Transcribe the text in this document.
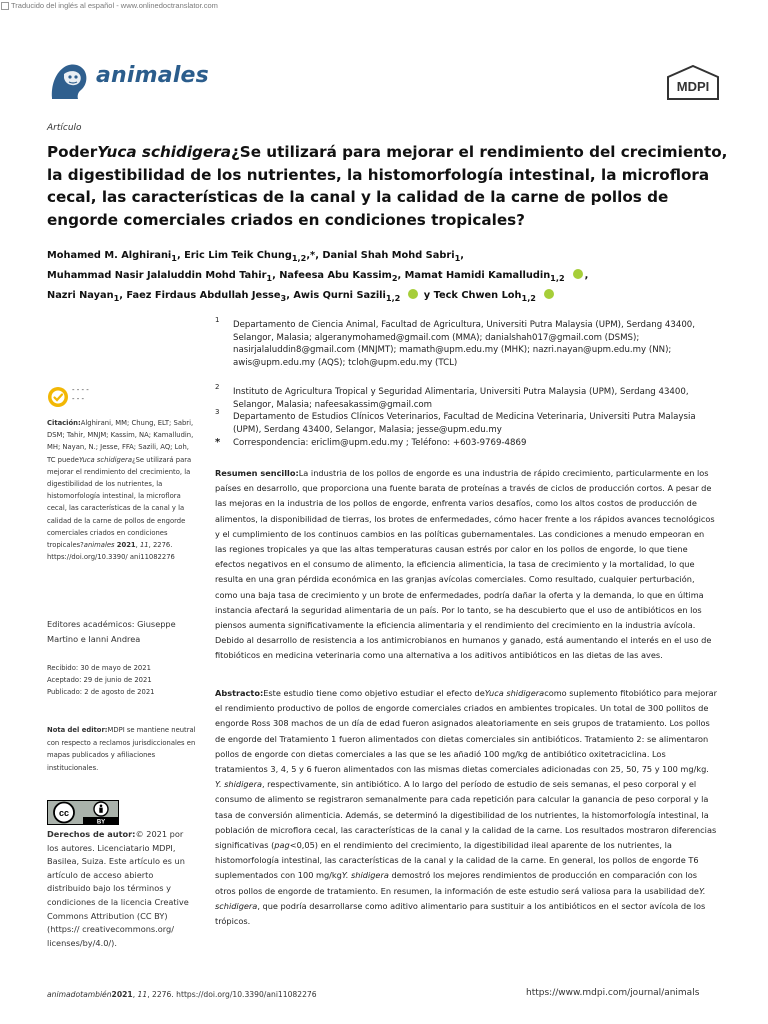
Traducido del inglés al español - www.onlinedoctranslator.com
animales	MDPI
Artículo
PoderYuca schidigera¿Se utilizará para mejorar el rendimiento del crecimiento, la digestibilidad de los nutrientes, la histomorfología intestinal, la microflora cecal, las características de la canal y la calidad de la carne de pollos de engorde comerciales criados en condiciones tropicales?
Mohamed M. Alghirani$_1$, Eric Lim Teik Chung$_{1,2}$,*, Danial Shah Mohd Sabri$_1$,
Muhammad Nasir Jalaluddin Mohd Tahir$_1$, Nafeesa Abu Kassim$_2$, Mamat Hamidi Kamalludin$_{1,2}$ ,
Nazri Nayan$_1$, Faez Firdaus Abdullah Jesse$_3$, Awis Qurni Sazili$_{1,2}$ y Teck Chwen Loh$_{1,2}$
1 Departamento de Ciencia Animal, Facultad de Agricultura, Universiti Putra Malaysia (UPM), Serdang 43400, Selangor, Malasia; algeranymohamed@gmail.com (MMA); danialshah017@gmail.com (DSMS); nasirjalaluddin8@gmail.com (MNJMT); mamath@upm.edu.my (MHK); nazri.nayan@upm.edu.my (NN); awis@upm.edu.my (AQS); tcloh@upm.edu.my (TCL)
2 Instituto de Agricultura Tropical y Seguridad Alimentaria, Universiti Putra Malaysia (UPM), Serdang 43400, Selangor, Malasia; nafeesakassim@gmail.com
3 Departamento de Estudios Clínicos Veterinarios, Facultad de Medicina Veterinaria, Universiti Putra Malaysia (UPM), Serdang 43400, Selangor, Malasia; jesse@upm.edu.my
* Correspondencia: ericlim@upm.edu.my ; Teléfono: +603-9769-4869
- - - -
- - -
Citación:Alghirani, MM; Chung, ELT; Sabri, DSM; Tahir, MNJM; Kassim, NA; Kamalludin, MH; Nayan, N.; Jesse, FFA; Sazili, AQ; Loh, TC puedeYuca schidigera¿Se utilizará para mejorar el rendimiento del crecimiento, la digestibilidad de los nutrientes, la histomorfología intestinal, la microflora cecal, las características de la canal y la calidad de la carne de pollos de engorde comerciales criados en condiciones tropicales?animales 2021, 11, 2276. https://doi.org/10.3390/ ani11082276
Editores académicos: Giuseppe Martino e Ianni Andrea
Recibido: 30 de mayo de 2021
Aceptado: 29 de junio de 2021
Publicado: 2 de agosto de 2021
Nota del editor:MDPI se mantiene neutral con respecto a reclamos jurisdiccionales en mapas publicados y afiliaciones institucionales.
cc
BY
Derechos de autor:© 2021 por los autores. Licenciatario MDPI, Basilea, Suiza. Este artículo es un artículo de acceso abierto distribuido bajo los términos y condiciones de la licencia Creative Commons Attribution (CC BY) (https:// creativecommons.org/ licenses/by/4.0/).
Resumen sencillo:La industria de los pollos de engorde es una industria de rápido crecimiento, particularmente en los países en desarrollo, que proporciona una fuente barata de proteínas a través de ciclos de producción cortos. A pesar de las mejoras en la industria de los pollos de engorde, enfrenta varios desafíos, como los altos costos de producción de alimentos, la disponibilidad de tierras, los brotes de enfermedades, cómo hacer frente a los rápidos avances tecnológicos y el cumplimiento de los continuos cambios en las políticas gubernamentales. Las condiciones a menudo empeoran en las regiones tropicales ya que las altas temperaturas causan estrés por calor en los pollos de engorde, lo que tiene efectos negativos en el consumo de alimento, la eficiencia alimenticia, la tasa de crecimiento y la mortalidad, lo que resulta en una gran pérdida económica en las granjas avícolas comerciales. Como resultado, cualquier perturbación, como una baja tasa de crecimiento y un brote de enfermedades, podría dañar la oferta y la demanda, lo que en última instancia afectará la seguridad alimentaria de un país. Por lo tanto, se ha descubierto que el uso de antibióticos en los piensos aumenta significativamente la eficiencia alimentaria y el rendimiento del crecimiento en la industria avícola. Debido al desarrollo de resistencia a los antimicrobianos en humanos y ganado, está aumentando el interés en el uso de fitobióticos en medicina veterinaria como una alternativa a los aditivos antibióticos en las dietas de las aves.
Abstracto:Este estudio tiene como objetivo estudiar el efecto deYuca shidigeracomo suplemento fitobiótico para mejorar el rendimiento productivo de pollos de engorde comerciales criados en ambientes tropicales. Un total de 300 pollitos de engorde Ross 308 machos de un día de edad fueron asignados aleatoriamente en seis grupos de tratamiento. Los pollos de engorde del Tratamiento 1 fueron alimentados con dietas comerciales sin antibióticos. Tratamiento 2: se alimentaron pollos de engorde con dietas comerciales a las que se les añadió 100 mg/kg de antibiótico oxitetraciclina. Los tratamientos 3, 4, 5 y 6 fueron alimentados con las mismas dietas comerciales adicionadas con 25, 50, 75 y 100 mg/kg. Y. shidigera, respectivamente, sin antibiótico. A lo largo del período de estudio de seis semanas, el peso corporal y el consumo de alimento se registraron semanalmente para cada repetición para calcular la ganancia de peso corporal y la tasa de conversión alimenticia. Además, se determinó la digestibilidad de los nutrientes, la histomorfología intestinal, la población de microflora cecal, las características de la canal y la calidad de la carne. Los resultados mostraron diferencias significativas (pag<0,05) en el rendimiento del crecimiento, la digestibilidad ileal aparente de los nutrientes, la histomorfología intestinal, las características de la canal y la calidad de la carne. En general, los pollos de engorde T6 suplementados con 100 mg/kgY. shidigera demostró los mejores rendimientos de producción en comparación con los otros pollos de engorde de tratamiento. En resumen, la información de este estudio será valiosa para la usabilidad deY. schidigera, que podría desarrollarse como aditivo alimentario para sustituir a los antibióticos en el sector avícola de los trópicos.
animadotambién2021, 11, 2276. https://doi.org/10.3390/ani11082276	https://www.mdpi.com/journal/animals
